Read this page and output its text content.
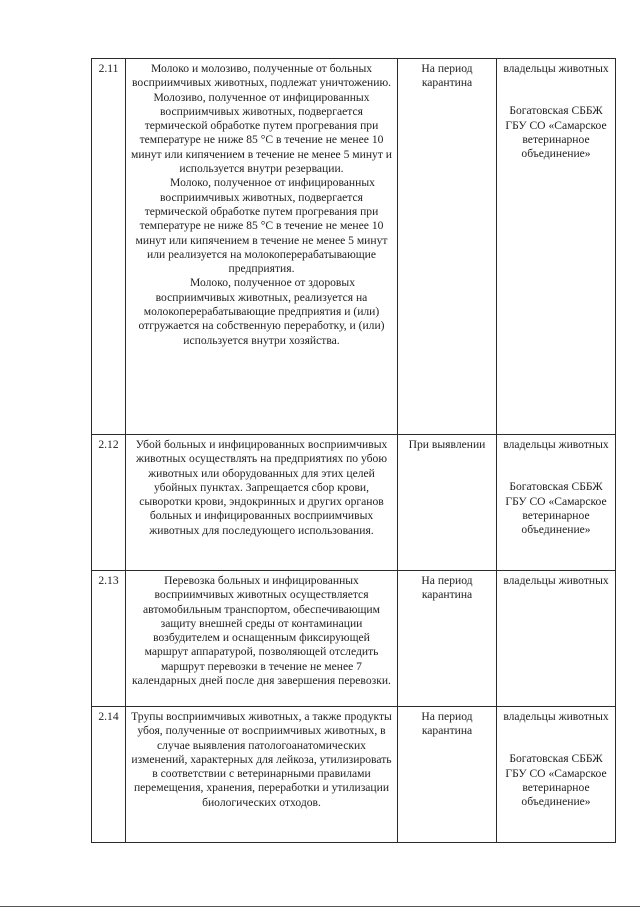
2.11	Молоко и молозиво, полученные от больных восприимчивых животных, подлежат уничтожению. Молозиво, полученное от инфицированных восприимчивых животных, подвергается термической обработке путем прогревания при температуре не ниже 85 °С в течение не менее 10 минут или кипячением в течение не менее 5 минут и используется внутри резервации.
Молоко, полученное от инфицированных восприимчивых животных, подвергается термической обработке путем прогревания при температуре не ниже 85 °С в течение не менее 10 минут или кипячением в течение не менее 5 минут или реализуется на молокоперерабатывающие предприятия.
Молоко, полученное от здоровых восприимчивых животных, реализуется на молокоперерабатывающие предприятия и (или) отгружается на собственную переработку, и (или) используется внутри хозяйства.	На период карантина	владельцы животных
Богатовская СББЖ ГБУ СО «Самарское ветеринарное объединение»

2.12	Убой больных и инфицированных восприимчивых животных осуществлять на предприятиях по убою животных или оборудованных для этих целей убойных пунктах. Запрещается сбор крови, сыворотки крови, эндокринных и других органов больных и инфицированных восприимчивых животных для последующего использования.	При выявлении	владельцы животных
Богатовская СББЖ ГБУ СО «Самарское ветеринарное объединение»

2.13	Перевозка больных и инфицированных восприимчивых животных осуществляется автомобильным транспортом, обеспечивающим защиту внешней среды от контаминации возбудителем и оснащенным фиксирующей маршрут аппаратурой, позволяющей отследить маршрут перевозки в течение не менее 7 календарных дней после дня завершения перевозки.	На период карантина	владельцы животных

2.14	Трупы восприимчивых животных, а также продукты убоя, полученные от восприимчивых животных, в случае выявления патологоанатомических изменений, характерных для лейкоза, утилизировать в соответствии с ветеринарными правилами перемещения, хранения, переработки и утилизации биологических отходов.	На период карантина	владельцы животных
Богатовская СББЖ ГБУ СО «Самарское ветеринарное объединение»
